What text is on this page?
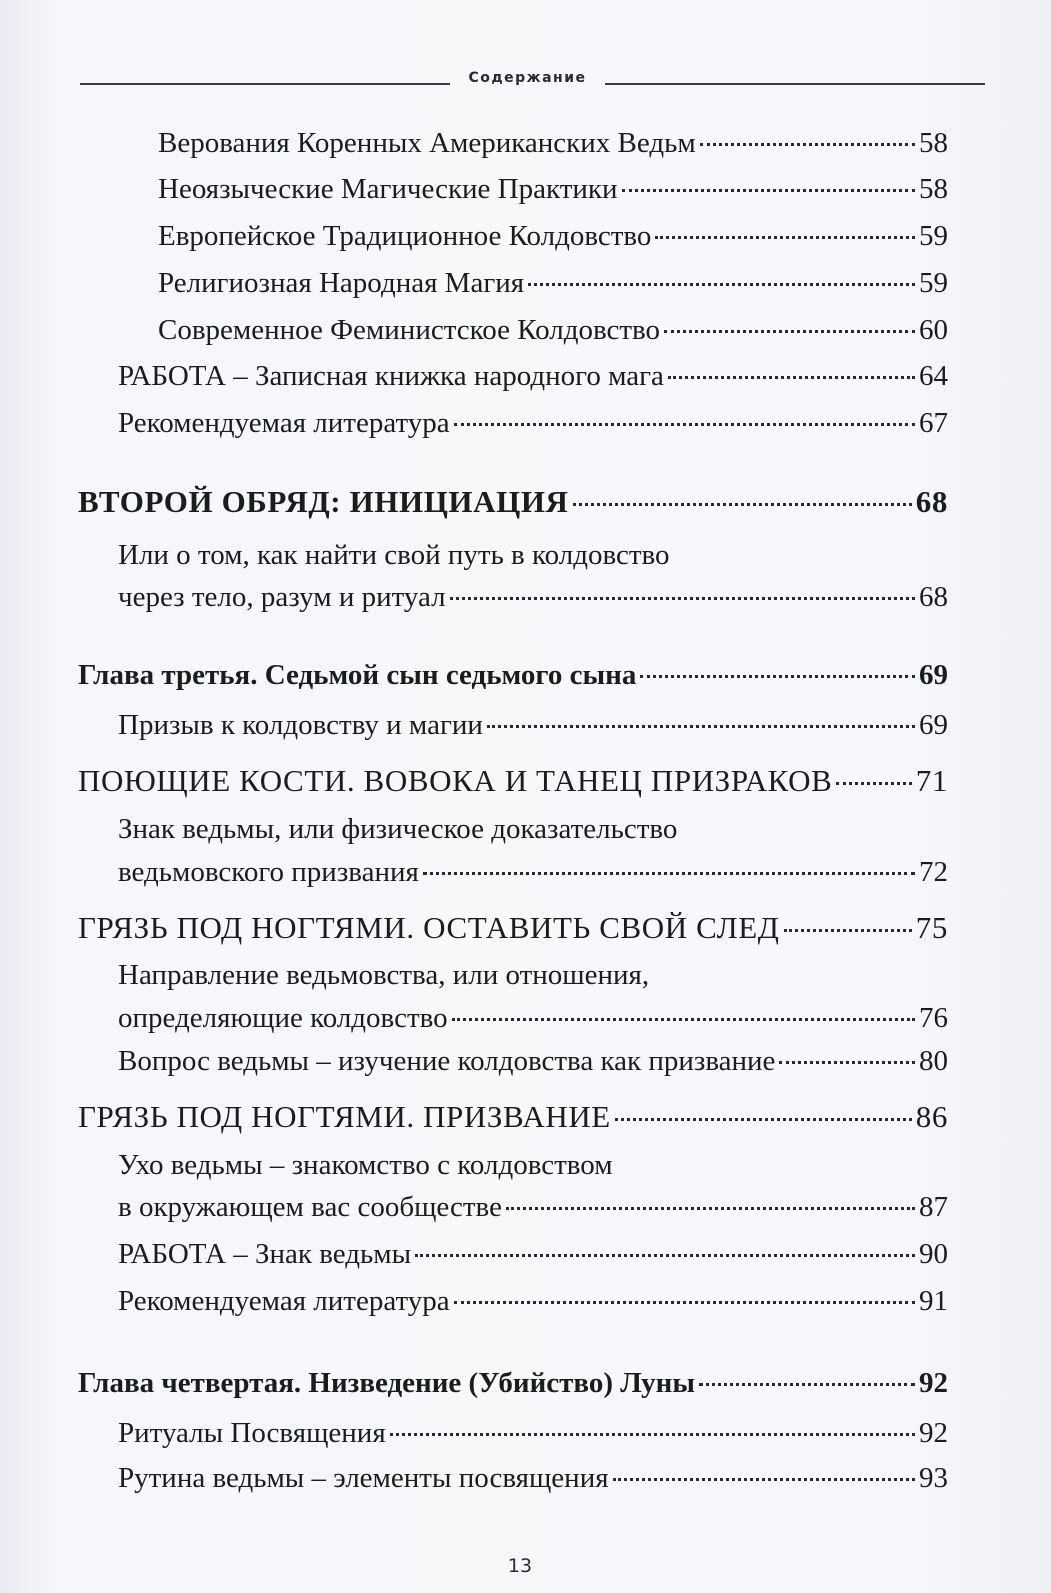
Содержание
Верования Коренных Американских Ведьм	58
Неоязыческие Магические Практики	58
Европейское Традиционное Колдовство	59
Религиозная Народная Магия	59
Современное Феминистское Колдовство	60
РАБОТА – Записная книжка народного мага	64
Рекомендуемая литература	67
ВТОРОЙ ОБРЯД: ИНИЦИАЦИЯ	68
Или о том, как найти свой путь в колдовство
через тело, разум и ритуал	68
Глава третья. Седьмой сын седьмого сына	69
Призыв к колдовству и магии	69
ПОЮЩИЕ КОСТИ. ВОВОКА И ТАНЕЦ ПРИЗРАКОВ	71
Знак ведьмы, или физическое доказательство
ведьмовского призвания	72
ГРЯЗЬ ПОД НОГТЯМИ. ОСТАВИТЬ СВОЙ СЛЕД	75
Направление ведьмовства, или отношения,
определяющие колдовство	76
Вопрос ведьмы – изучение колдовства как призвание	80
ГРЯЗЬ ПОД НОГТЯМИ. ПРИЗВАНИЕ	86
Ухо ведьмы – знакомство с колдовством
в окружающем вас сообществе	87
РАБОТА – Знак ведьмы	90
Рекомендуемая литература	91
Глава четвертая. Низведение (Убийство) Луны	92
Ритуалы Посвящения	92
Рутина ведьмы – элементы посвящения	93
13
